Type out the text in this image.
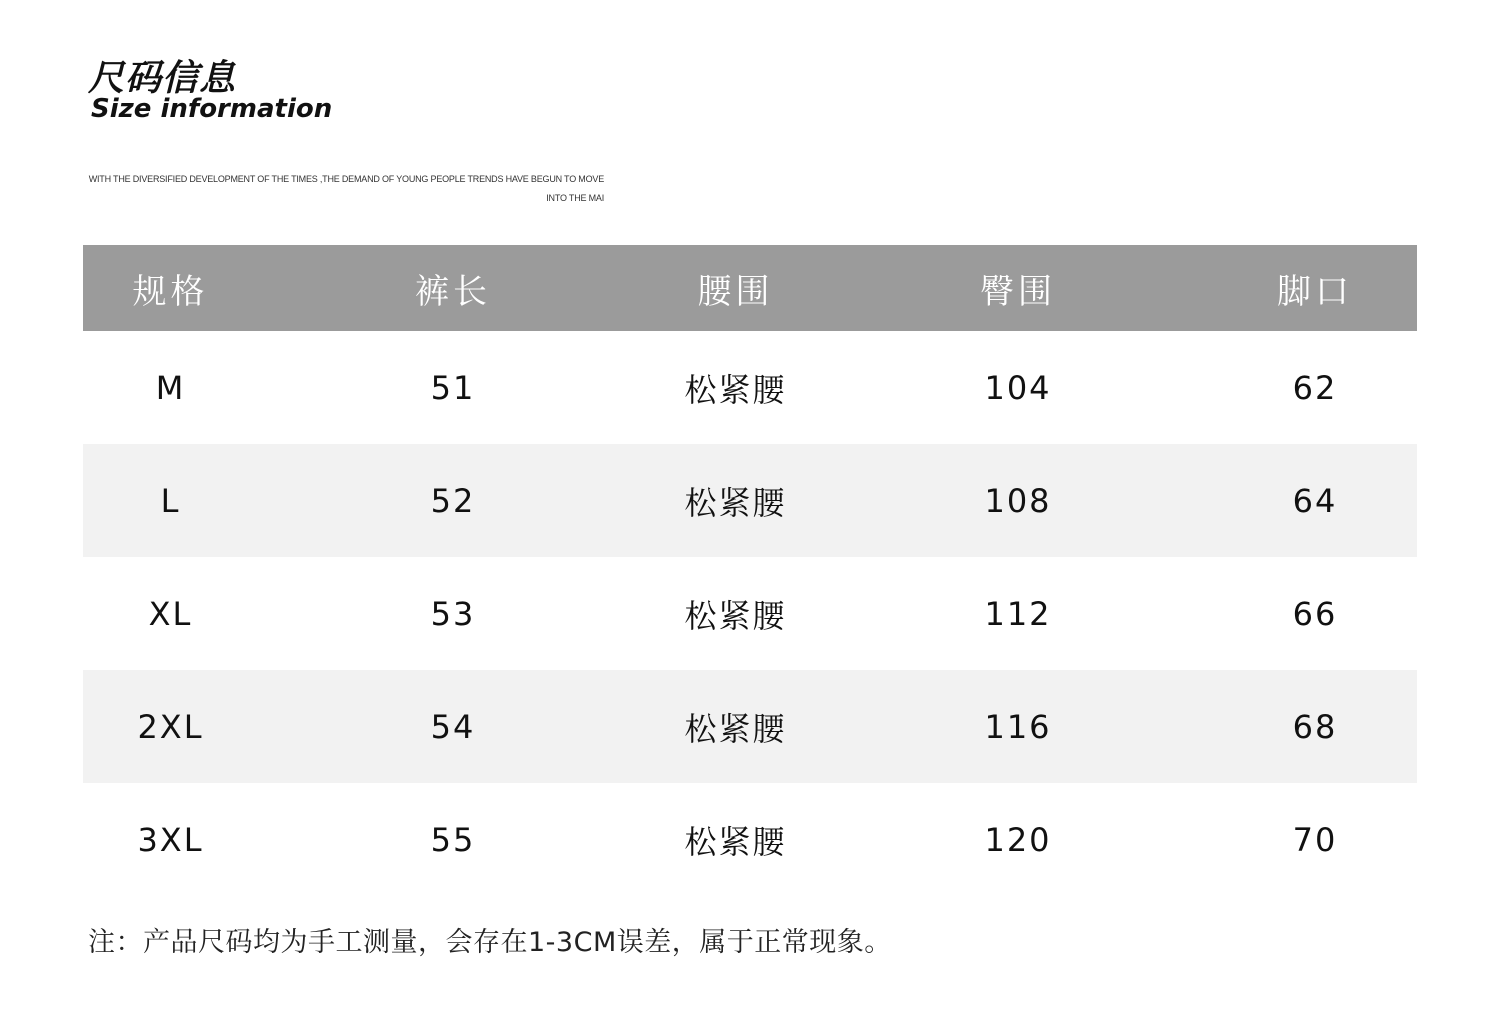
尺码信息
Size information
WITH THE DIVERSIFIED DEVELOPMENT OF THE TIMES ,THE DEMAND OF YOUNG PEOPLE TRENDS HAVE BEGUN TO MOVE INTO THE MAI
规格	裤长	腰围	臀围	脚口
M	51	松紧腰	104	62
L	52	松紧腰	108	64
XL	53	松紧腰	112	66
2XL	54	松紧腰	116	68
3XL	55	松紧腰	120	70
注：产品尺码均为手工测量，会存在1-3CM误差，属于正常现象。
